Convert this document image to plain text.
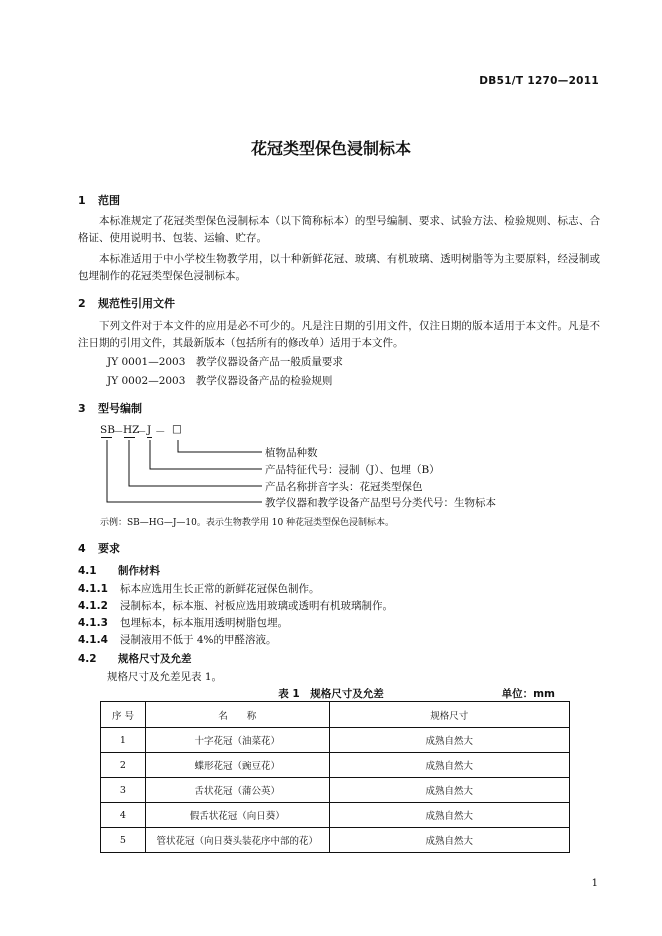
DB51/T 1270—2011
花冠类型保色浸制标本
1 范围

本标准规定了花冠类型保色浸制标本（以下简称标本）的型号编制、要求、试验方法、检验规则、标志、合格证、使用说明书、包装、运输、贮存。

本标准适用于中小学校生物教学用，以十种新鲜花冠、玻璃、有机玻璃、透明树脂等为主要原料，经浸制或包埋制作的花冠类型保色浸制标本。

2 规范性引用文件

下列文件对于本文件的应用是必不可少的。凡是注日期的引用文件，仅注日期的版本适用于本文件。凡是不注日期的引用文件，其最新版本（包括所有的修改单）适用于本文件。

JY 0001—2003　教学仪器设备产品一般质量要求
JY 0002—2003　教学仪器设备产品的检验规则
3 型号编制
SB
－ HZ
－ J － □
植物品种数
产品特征代号：浸制（J）、包埋（B）
产品名称拼音字头：花冠类型保色
教学仪器和教学设备产品型号分类代号：生物标本
示例：SB—HG—J—10。表示生物教学用 10 种花冠类型保色浸制标本。
4 要求
4.1 制作材料
4.1.1 标本应选用生长正常的新鲜花冠保色制作。
4.1.2 浸制标本，标本瓶、衬板应选用玻璃或透明有机玻璃制作。
4.1.3 包埋标本，标本瓶用透明树脂包埋。
4.1.4 浸制液用不低于 4%的甲醛溶液。
4.2 规格尺寸及允差
规格尺寸及允差见表 1。
表 1　规格尺寸及允差	单位：mm
序 号	名　　称	规格尺寸
1	十字花冠（油菜花）	成熟自然大
2	蝶形花冠（豌豆花）	成熟自然大
3	舌状花冠（蒲公英）	成熟自然大
4	假舌状花冠（向日葵）	成熟自然大
5	管状花冠（向日葵头装花序中部的花）	成熟自然大
1
